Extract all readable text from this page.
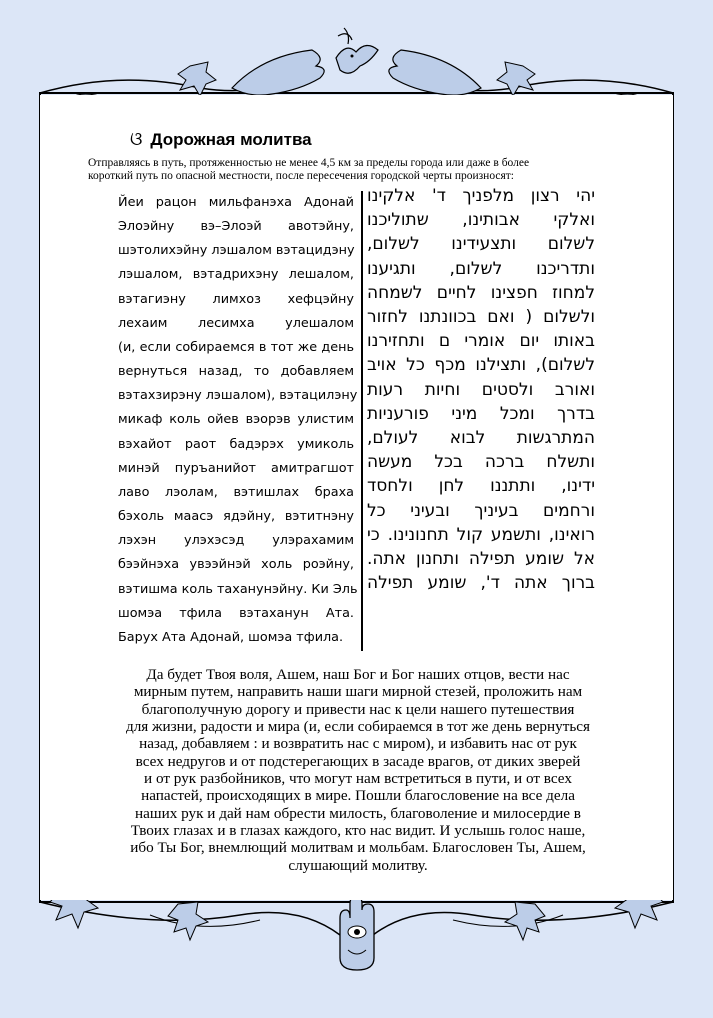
ଓ Дорожная молитва
Отправляясь в путь, протяженностью не менее 4,5 км за пределы города или даже в более
короткий путь по опасной местности, после пересечения городской черты произносят:
Йеи рацон мильфанэха Адонай
Элоэйну вэ–Элоэй авотэйну,
шэтолихэйну лэшалом вэтацидэну
лэшалом, вэтадрихэну лешалом,
вэтагиэну лимхоз хефцэйну
лехаим лесимха улешалом
(и, если собираемся в тот же день
вернуться назад, то добавляем
вэтахзирэну лэшалом), вэтацилэну
микаф коль ойев вэорэв улистим
вэхайот раот бадэрэх умиколь
минэй пуръанийот амитрагшот
лаво лэолам, вэтишлах браха
бэхоль маасэ ядэйну, вэтитнэну
лэхэн улэхэсэд улэрахамим
бээйнэха увээйнэй холь роэйну,
вэтишма коль таханунэйну. Ки Эль
шомэа тфила вэтаханун Ата.
Барух Ата Адонай, шомэа тфила.
יהי רצון מלפניך ד' אלקינו
ואלקי אבותינו, שתוליכנו
לשלום ותצעידינו לשלום,
ותדריכנו לשלום, ותגיענו
למחוז חפצינו לחיים לשמחה
ולשלום ( ואם בכוונתנו לחזור
באותו יום אומרי ם ותחזירנו
לשלום), ותצילנו מכף כל אויב
ואורב ולסטים וחיות רעות
בדרך ומכל מיני פורעניות
המתרגשות לבוא לעולם,
ותשלח ברכה בכל מעשה
ידינו, ותתננו לחן ולחסד
ורחמים בעיניך ובעיני כל
רואינו, ותשמע קול תחנונינו. כי
אל שומע תפילה ותחנון אתה.
ברוך אתה ד', שומע תפילה
Да будет Твоя воля, Ашем, наш Бог и Бог наших отцов, вести нас
мирным путем, направить наши шаги мирной стезей, проложить нам
благополучную дорогу и привести нас к цели нашего путешествия
для жизни, радости и мира (и, если собираемся в тот же день вернуться
назад, добавляем : и возвратить нас с миром), и избавить нас от рук
всех недругов и от подстерегающих в засаде врагов, от диких зверей
и от рук разбойников, что могут нам встретиться в пути, и от всех
напастей, происходящих в мире. Пошли благословение на все дела
наших рук и дай нам обрести милость, благоволение и милосердие в
Твоих глазах и в глазах каждого, кто нас видит. И услышь голос наше,
ибо Ты Бог, внемлющий молитвам и мольбам. Благословен Ты, Ашем,
слушающий молитву.
